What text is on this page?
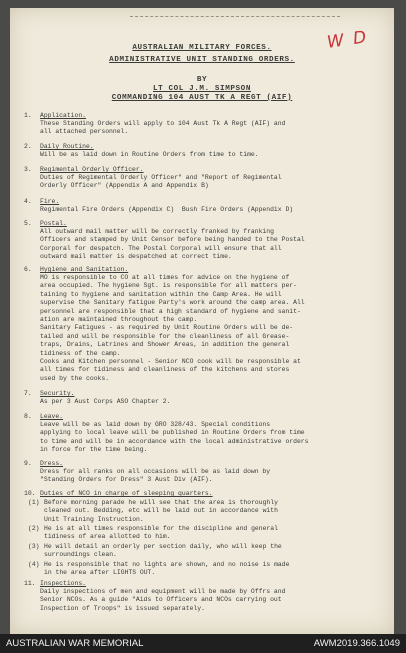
W D
AUSTRALIAN MILITARY FORCES.
ADMINISTRATIVE UNIT STANDING ORDERS.
BY
LT COL J.M. SIMPSON
COMMANDING 104 AUST TK A REGT (AIF)
1. Application.
These Standing Orders will apply to 104 Aust Tk A Regt (AIF) and
all attached personnel.
2. Daily Routine.
Will be as laid down in Routine Orders from time to time.
3. Regimental Orderly Officer.
Duties of Regimental Orderly Officer" and "Report of Regimental
Orderly Officer" (Appendix A and Appendix B)
4. Fire.
Regimental Fire Orders (Appendix C)  Bush Fire Orders (Appendix D)
5. Postal.
All outward mail matter will be correctly franked by franking
Officers and stamped by Unit Censor before being handed to the Postal
Corporal for despatch. The Postal Corporal will ensure that all
outward mail matter is despatched at correct time.
6. Hygiene and Sanitation.
MO is responsible to CO at all times for advice on the hygiene of
area occupied. The hygiene Sgt. is responsible for all matters per-
taining to hygiene and sanitation within the Camp Area. He will
supervise the Sanitary fatigue Party's work around the camp area. All
personnel are responsible that a high standard of hygiene and sanit-
ation are maintained throughout the camp.
Sanitary Fatigues - as required by Unit Routine Orders will be de-
tailed and will be responsible for the cleanliness of all Grease-
traps, Drains, Latrines and Shower Areas, in addition the general
tidiness of the camp.
Cooks and Kitchen personnel - Senior NCO cook will be responsible at
all times for tidiness and cleanliness of the kitchens and stores
used by the cooks.
7. Security.
As per 3 Aust Corps ASO Chapter 2.
8. Leave.
Leave will be as laid down by GRO 328/43. Special conditions
applying to local leave will be published in Routine Orders from time
to time and will be in accordance with the local administrative orders
in force for the time being.
9. Dress.
Dress for all ranks on all occasions will be as laid down by
"Standing Orders for Dress" 3 Aust Div (AIF).
10. Duties of NCO in charge of sleeping quarters.
(1) Before morning parade he will see that the area is thoroughly
cleaned out. Bedding, etc will be laid out in accordance with
Unit Training Instruction.
(2) He is at all times responsible for the discipline and general
tidiness of area allotted to him.
(3) He will detail an orderly per section daily, who will keep the
surroundings clean.
(4) He is responsible that no lights are shown, and no noise is made
in the area after LIGHTS OUT.
11. Inspections.
Daily inspections of men and equipment will be made by Offrs and
Senior NCOs. As a guide "Aids to Officers and NCOs carrying out
Inspection of Troops" is issued separately.
AUSTRALIAN WAR MEMORIAL	AWM2019.366.1049
